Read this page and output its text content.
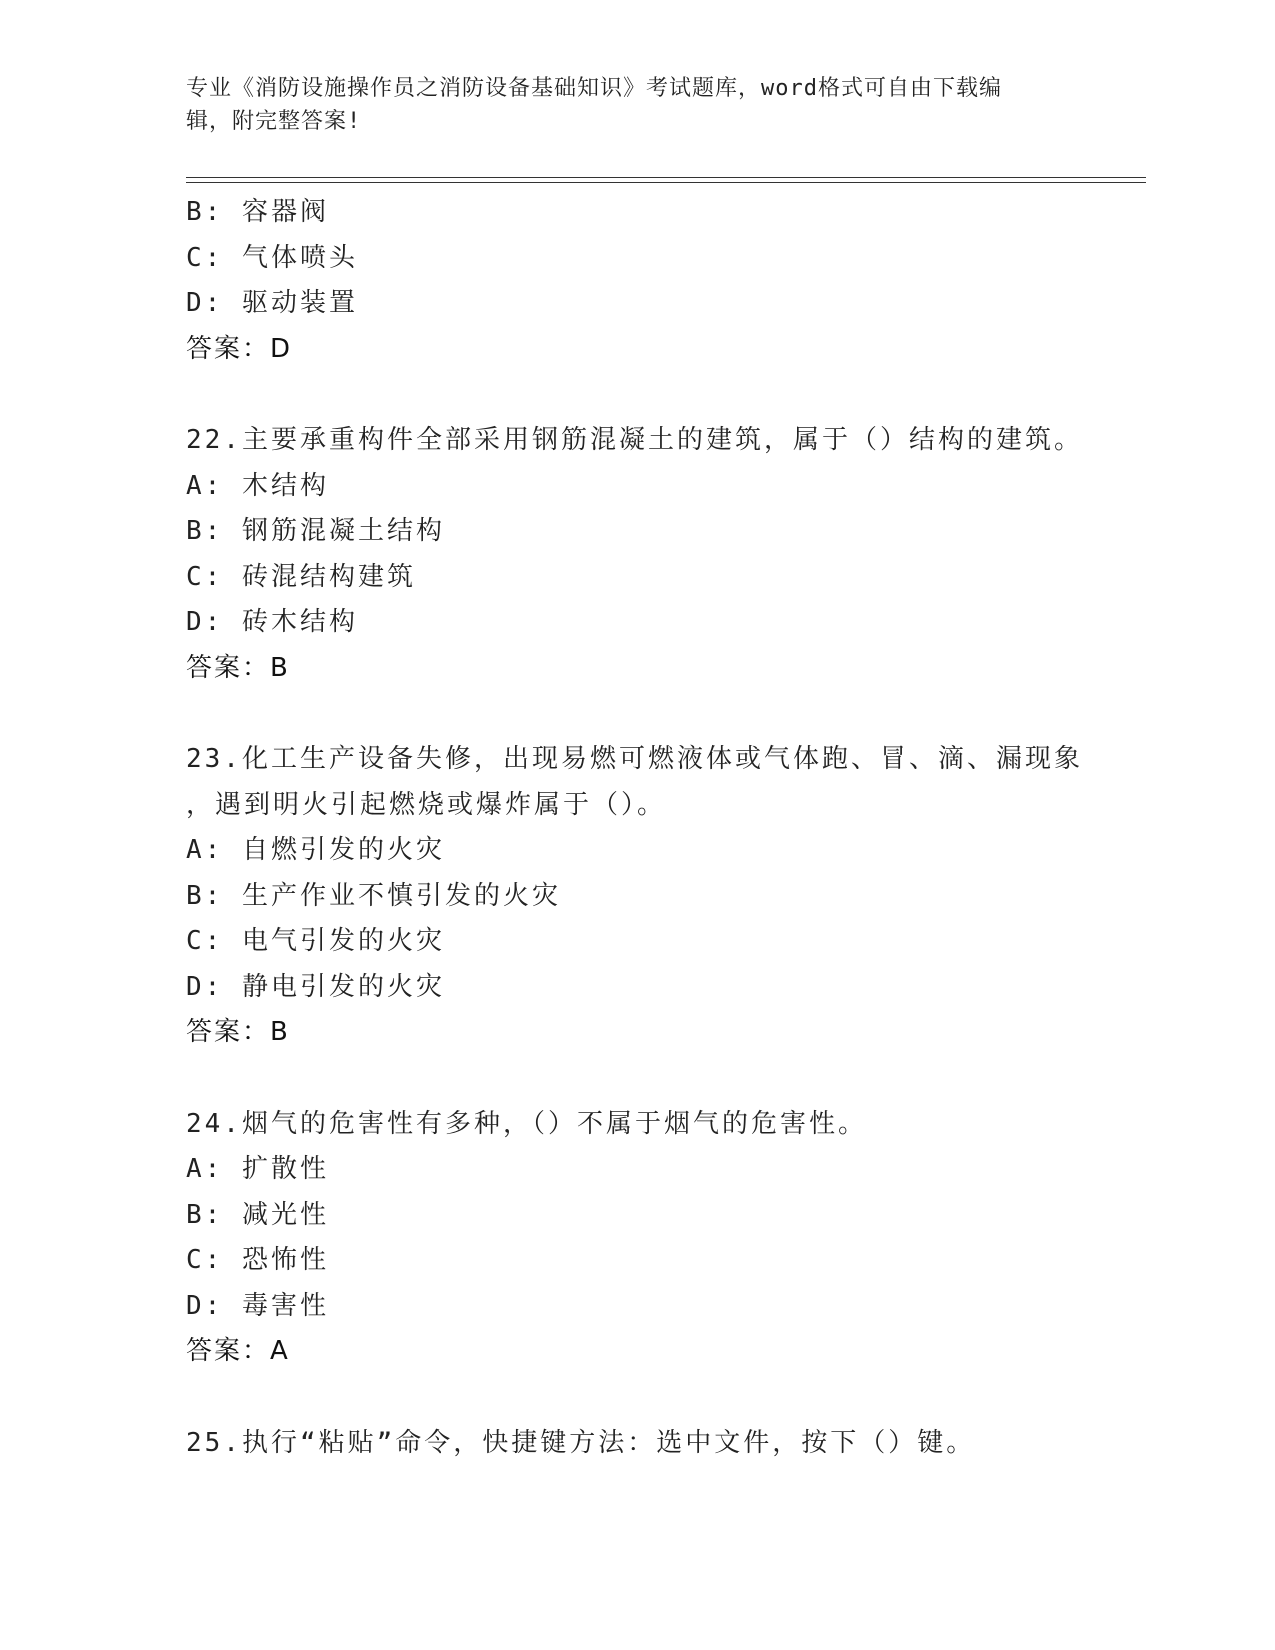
专业《消防设施操作员之消防设备基础知识》考试题库，word格式可自由下载编
辑，附完整答案!
B: 容器阀
C: 气体喷头
D: 驱动装置
答案：D
22.主要承重构件全部采用钢筋混凝土的建筑，属于（）结构的建筑。
A: 木结构
B: 钢筋混凝土结构
C: 砖混结构建筑
D: 砖木结构
答案：B
23.化工生产设备失修，出现易燃可燃液体或气体跑、冒、滴、漏现象
，遇到明火引起燃烧或爆炸属于（）。
A: 自燃引发的火灾
B: 生产作业不慎引发的火灾
C: 电气引发的火灾
D: 静电引发的火灾
答案：B
24.烟气的危害性有多种，（）不属于烟气的危害性。
A: 扩散性
B: 减光性
C: 恐怖性
D: 毒害性
答案：A
25.执行“粘贴”命令，快捷键方法：选中文件，按下（）键。
